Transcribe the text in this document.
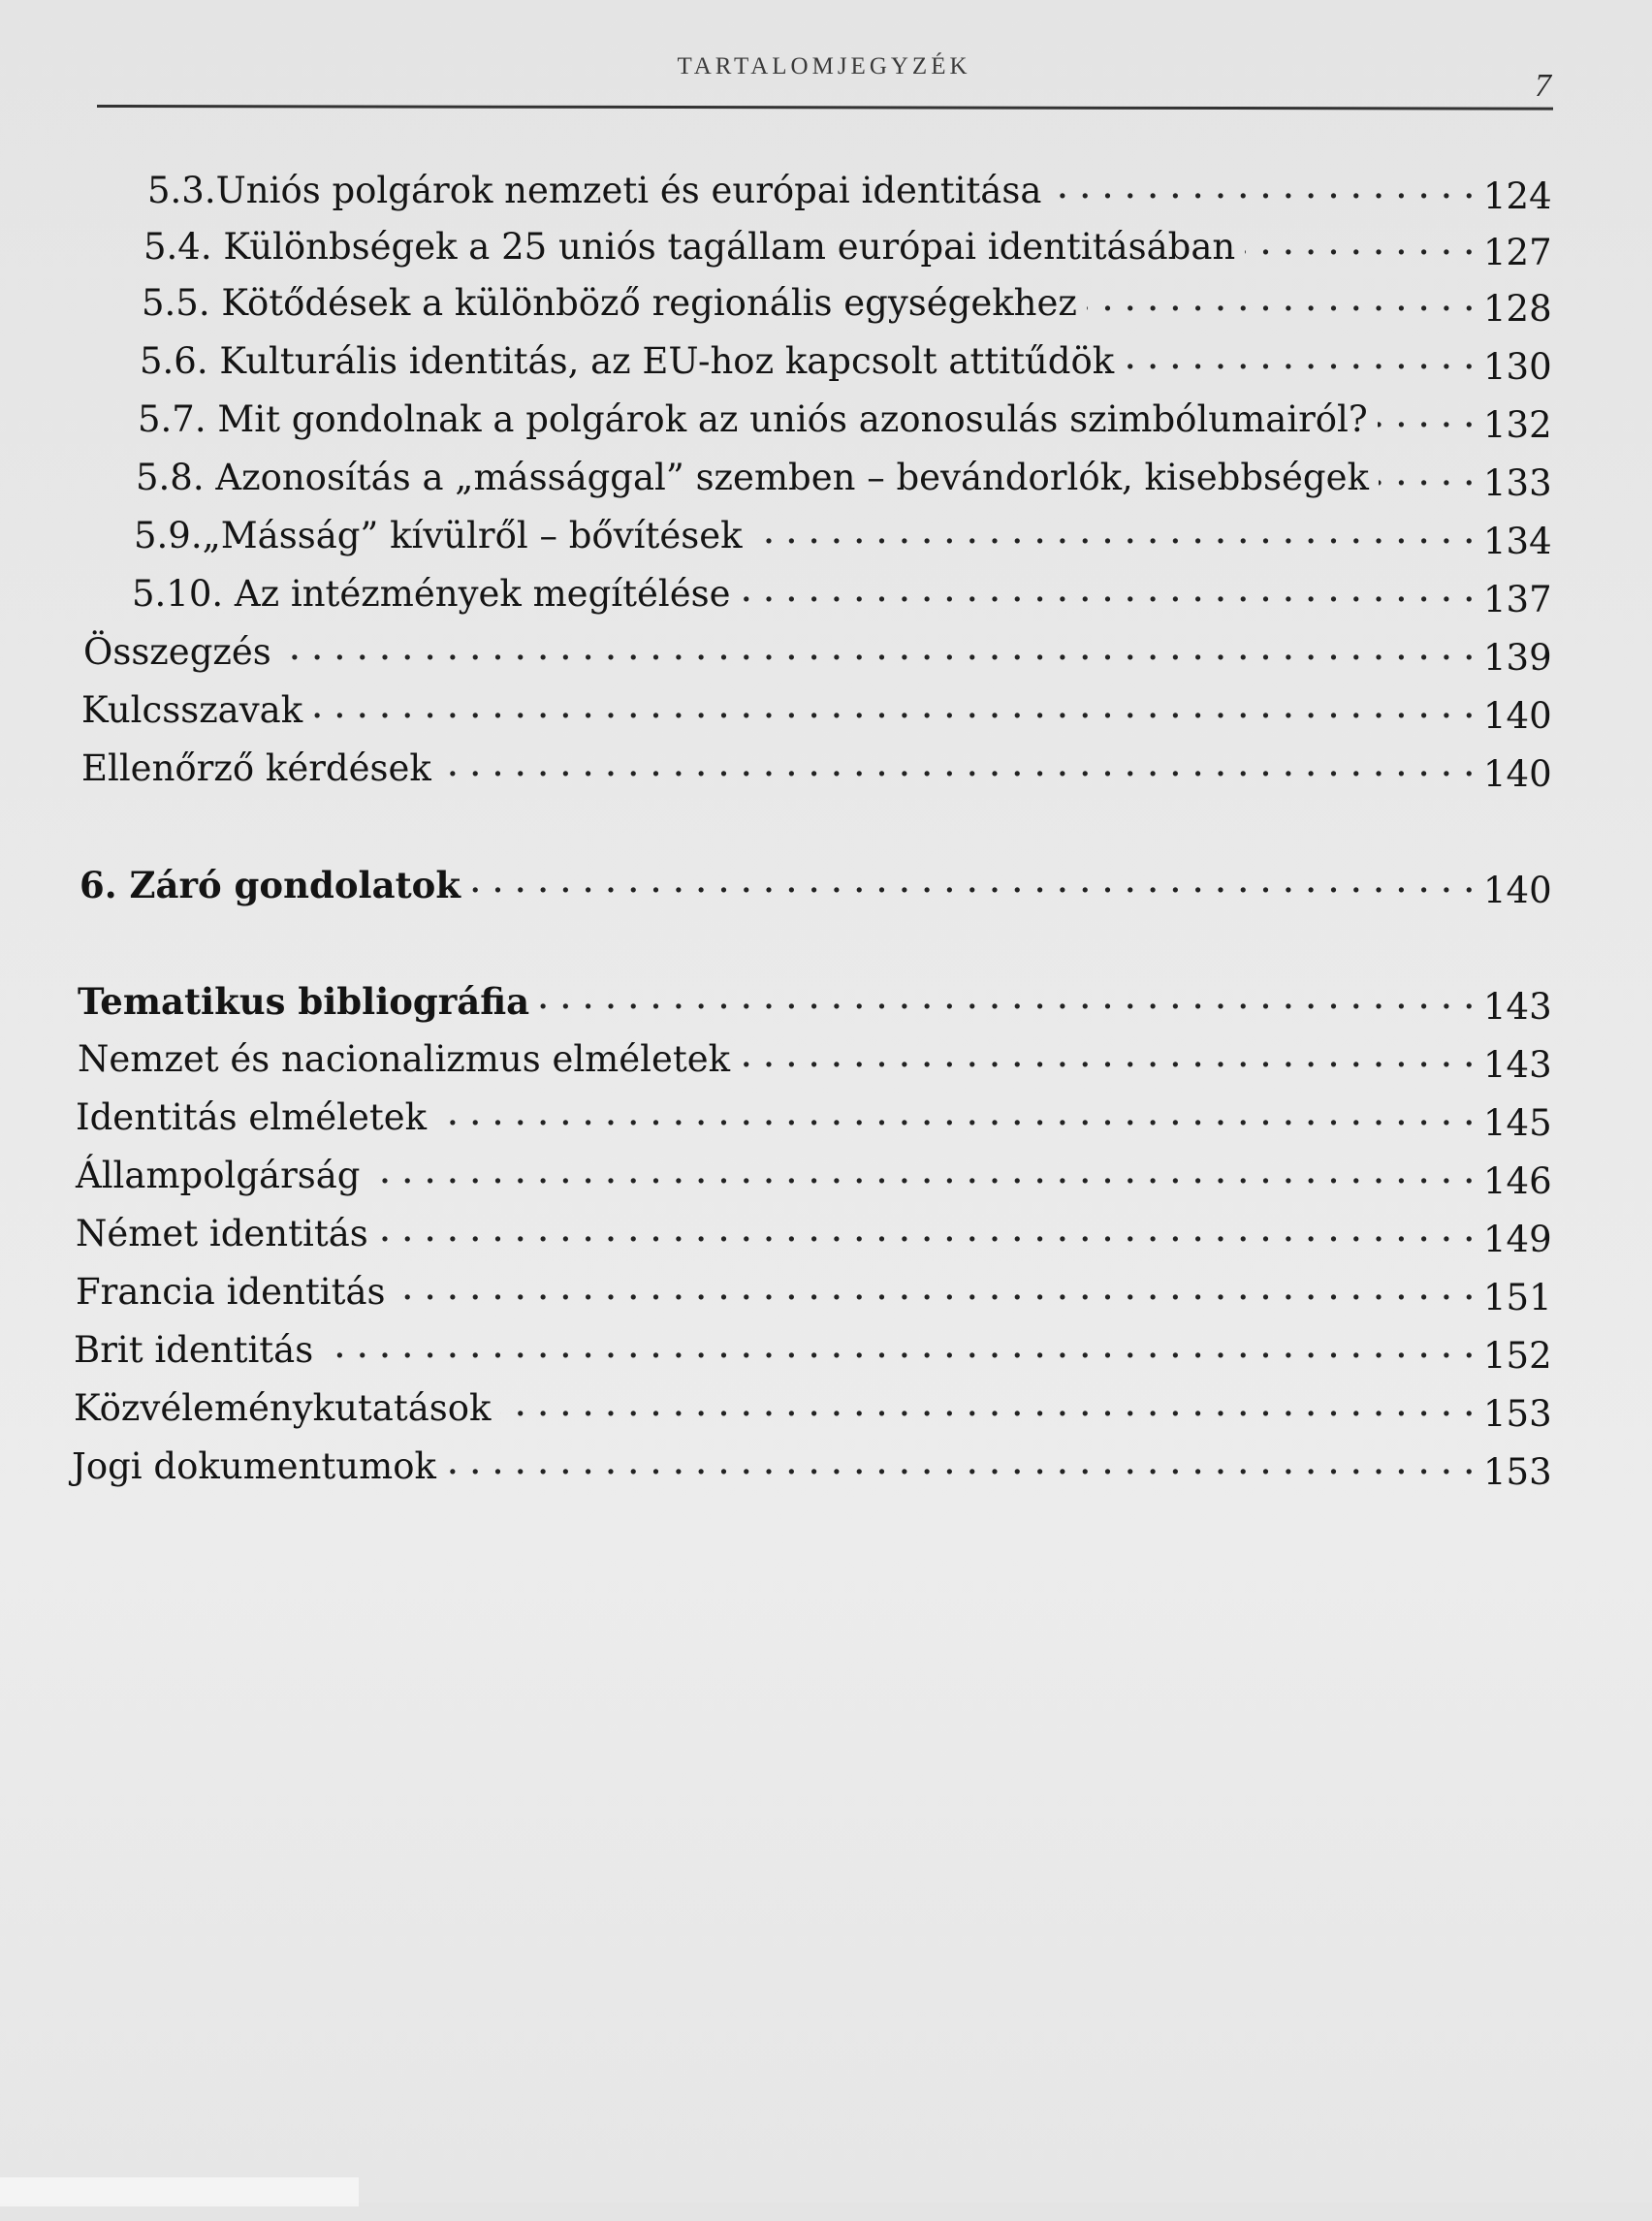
TARTALOMJEGYZÉK
7
5.3.Uniós polgárok nemzeti és európai identitása . . .	124
5.4. Különbségek a 25 uniós tagállam európai identitásában . . .	127
5.5. Kötődések a különböző regionális egységekhez . . .	128
5.6. Kulturális identitás, az EU-hoz kapcsolt attitűdök . . .	130
5.7. Mit gondolnak a polgárok az uniós azonosulás szimbólumairól? . . .	132
5.8. Azonosítás a „mássággal” szemben – bevándorlók, kisebbségek . . .	133
5.9.„Másság” kívülről – bővítések . . .	134
5.10. Az intézmények megítélése . . .	137
Összegzés . . .	139
Kulcsszavak . . .	140
Ellenőrző kérdések . . .	140
6. Záró gondolatok . . .	140
Tematikus bibliográfia . . .	143
Nemzet és nacionalizmus elméletek . . .	143
Identitás elméletek . . .	145
Állampolgárság . . .	146
Német identitás . . .	149
Francia identitás . . .	151
Brit identitás . . .	152
Közvéleménykutatások . . .	153
Jogi dokumentumok . . .	153
